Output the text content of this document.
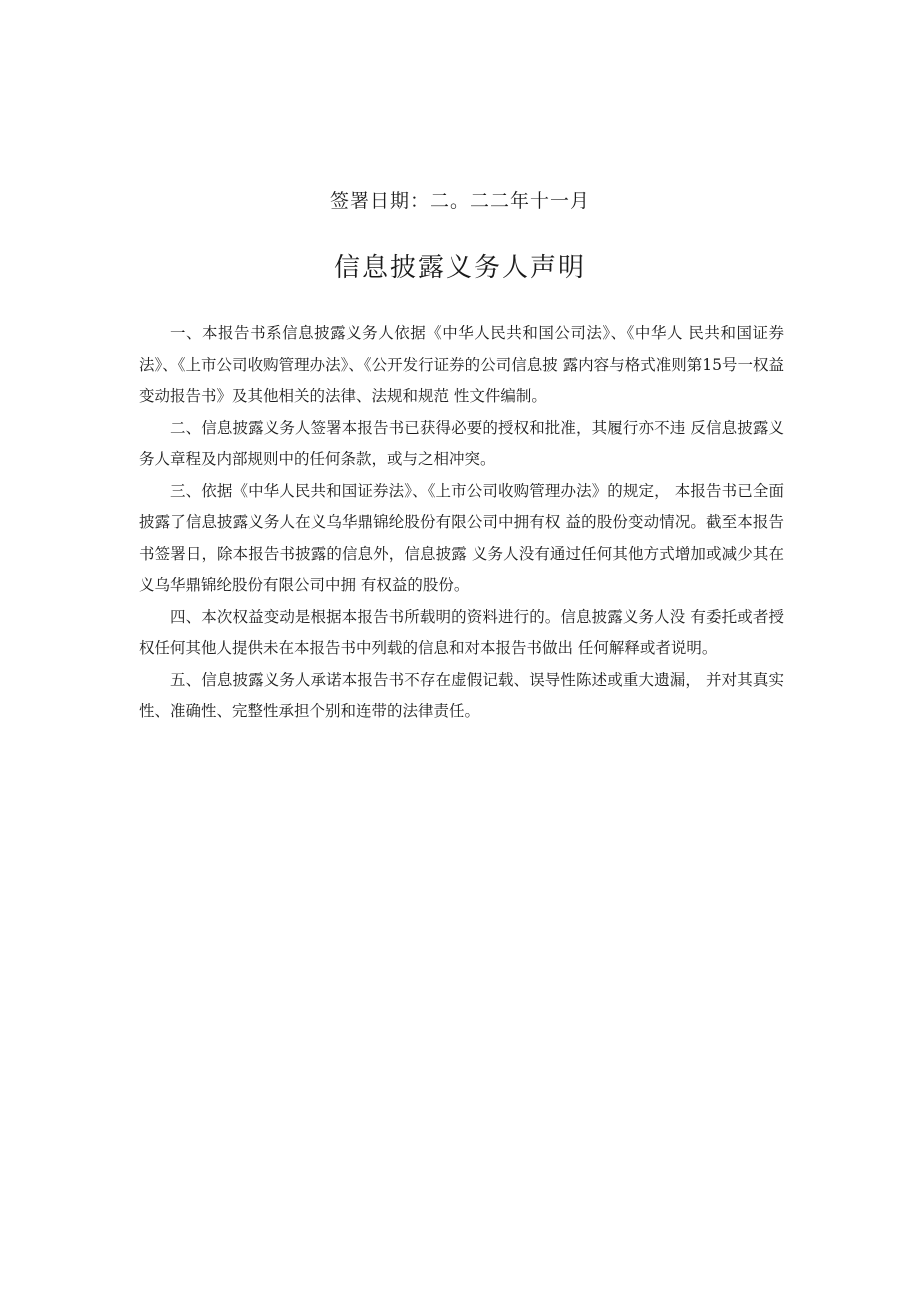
签署日期：二。二二年十一月
信息披露义务人声明

一、本报告书系信息披露义务人依据《中华人民共和国公司法》、《中华人 民共和国证券法》、《上市公司收购管理办法》、《公开发行证券的公司信息披 露内容与格式准则第15号一权益变动报告书》及其他相关的法律、法规和规范 性文件编制。

二、信息披露义务人签署本报告书已获得必要的授权和批准，其履行亦不违 反信息披露义务人章程及内部规则中的任何条款，或与之相冲突。

三、依据《中华人民共和国证券法》、《上市公司收购管理办法》的规定， 本报告书已全面披露了信息披露义务人在义乌华鼎锦纶股份有限公司中拥有权 益的股份变动情况。截至本报告书签署日，除本报告书披露的信息外，信息披露 义务人没有通过任何其他方式增加或减少其在义乌华鼎锦纶股份有限公司中拥 有权益的股份。

四、本次权益变动是根据本报告书所载明的资料进行的。信息披露义务人没 有委托或者授权任何其他人提供未在本报告书中列载的信息和对本报告书做出 任何解释或者说明。

五、信息披露义务人承诺本报告书不存在虚假记载、误导性陈述或重大遗漏， 并对其真实性、准确性、完整性承担个别和连带的法律责任。
